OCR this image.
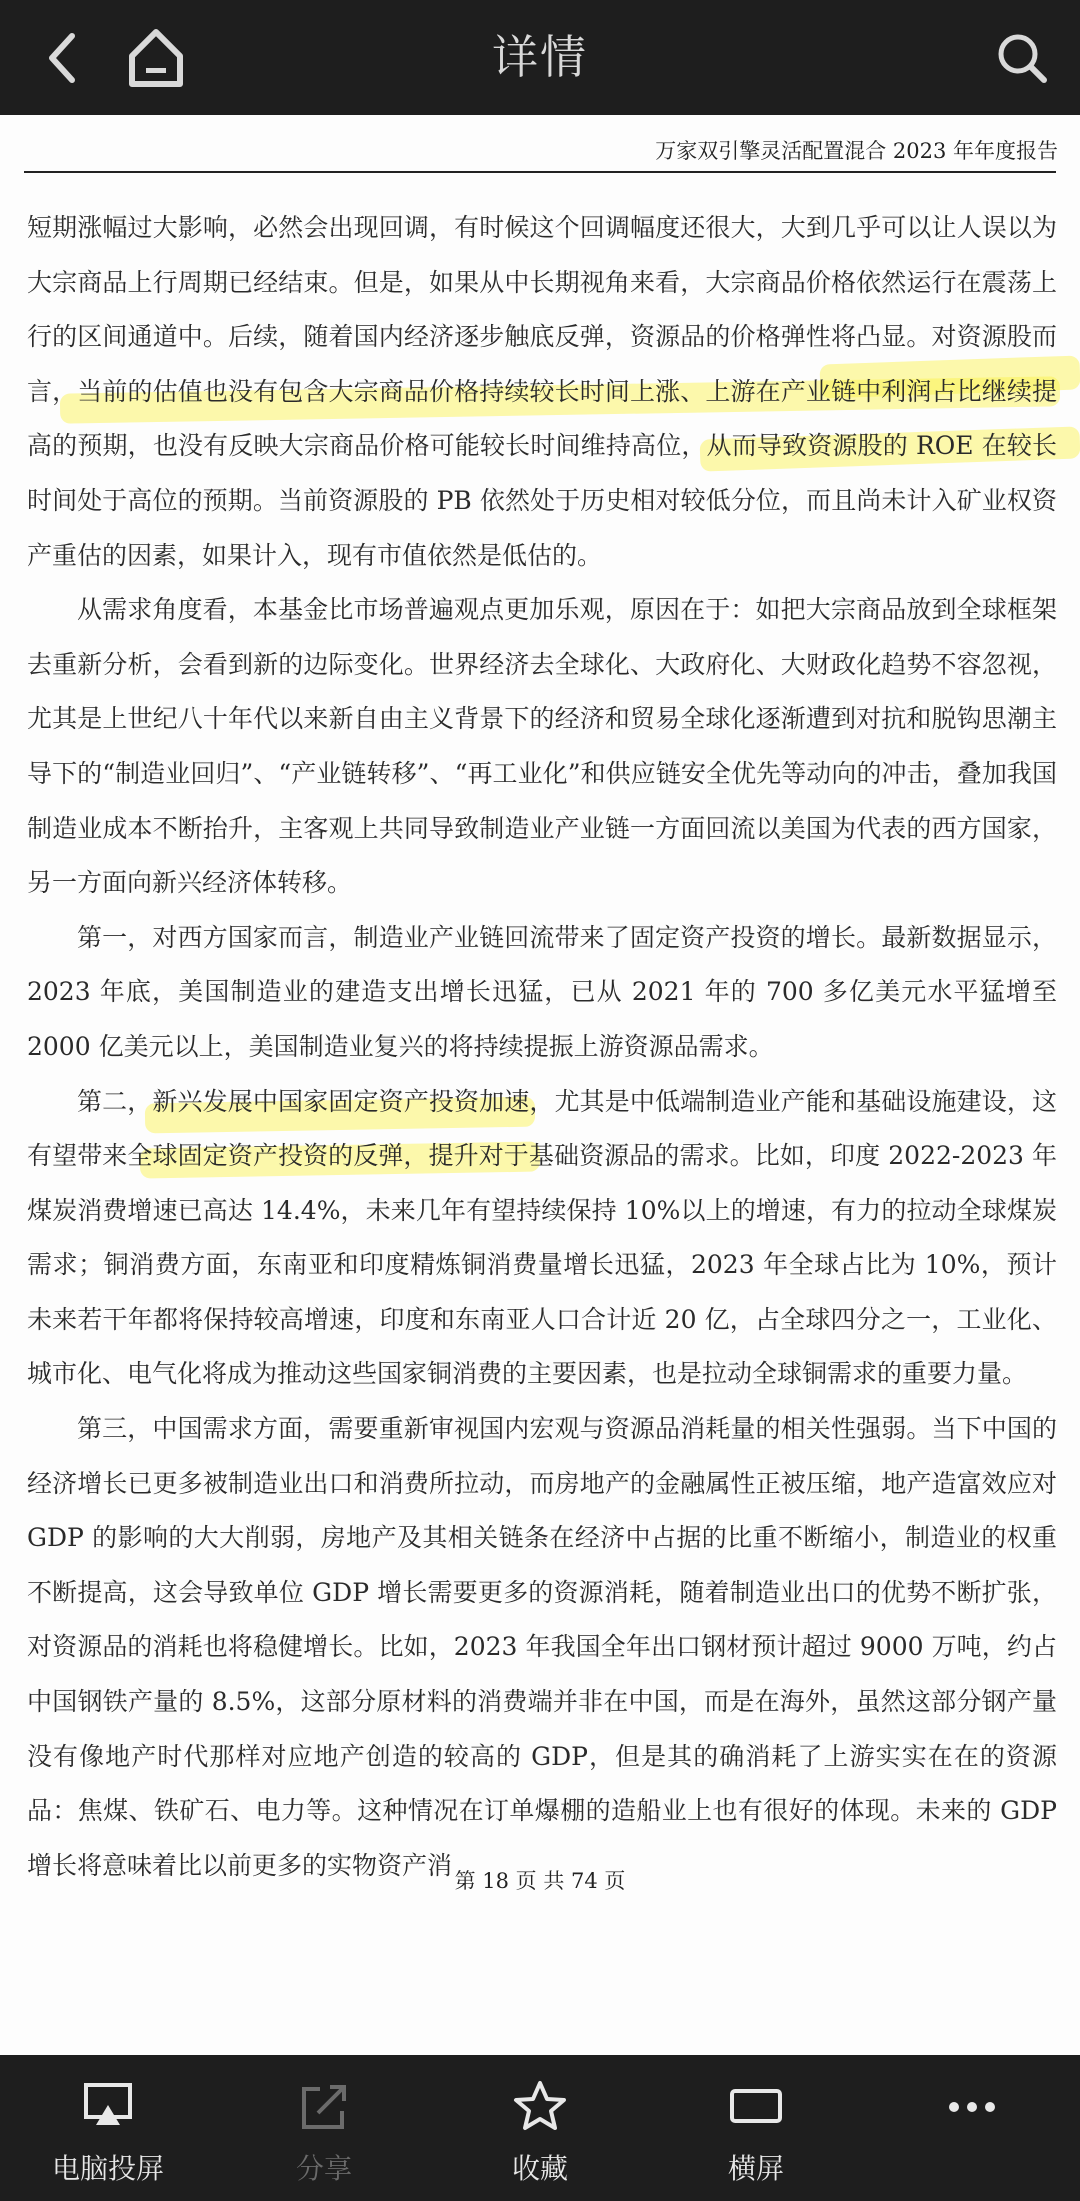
详情
万家双引擎灵活配置混合 2023 年年度报告

短期涨幅过大影响，必然会出现回调，有时候这个回调幅度还很大，大到几乎可以让人误以为大宗商品上行周期已经结束。但是，如果从中长期视角来看，大宗商品价格依然运行在震荡上行的区间通道中。后续，随着国内经济逐步触底反弹，资源品的价格弹性将凸显。对资源股而言，当前的估值也没有包含大宗商品价格持续较长时间上涨、上游在产业链中利润占比继续提高的预期，也没有反映大宗商品价格可能较长时间维持高位，从而导致资源股的 ROE 在较长时间处于高位的预期。当前资源股的 PB 依然处于历史相对较低分位，而且尚未计入矿业权资产重估的因素，如果计入，现有市值依然是低估的。

从需求角度看，本基金比市场普遍观点更加乐观，原因在于：如把大宗商品放到全球框架去重新分析，会看到新的边际变化。世界经济去全球化、大政府化、大财政化趋势不容忽视，尤其是上世纪八十年代以来新自由主义背景下的经济和贸易全球化逐渐遭到对抗和脱钩思潮主导下的“制造业回归”、“产业链转移”、“再工业化”和供应链安全优先等动向的冲击，叠加我国制造业成本不断抬升，主客观上共同导致制造业产业链一方面回流以美国为代表的西方国家，另一方面向新兴经济体转移。

第一，对西方国家而言，制造业产业链回流带来了固定资产投资的增长。最新数据显示，2023 年底，美国制造业的建造支出增长迅猛，已从 2021 年的 700 多亿美元水平猛增至 2000 亿美元以上，美国制造业复兴的将持续提振上游资源品需求。

第二，新兴发展中国家固定资产投资加速，尤其是中低端制造业产能和基础设施建设，这有望带来全球固定资产投资的反弹，提升对于基础资源品的需求。比如，印度 2022-2023 年煤炭消费增速已高达 14.4%，未来几年有望持续保持 10%以上的增速，有力的拉动全球煤炭需求；铜消费方面，东南亚和印度精炼铜消费量增长迅猛，2023 年全球占比为 10%，预计未来若干年都将保持较高增速，印度和东南亚人口合计近 20 亿，占全球四分之一，工业化、城市化、电气化将成为推动这些国家铜消费的主要因素，也是拉动全球铜需求的重要力量。

第三，中国需求方面，需要重新审视国内宏观与资源品消耗量的相关性强弱。当下中国的经济增长已更多被制造业出口和消费所拉动，而房地产的金融属性正被压缩，地产造富效应对 GDP 的影响的大大削弱，房地产及其相关链条在经济中占据的比重不断缩小，制造业的权重不断提高，这会导致单位 GDP 增长需要更多的资源消耗，随着制造业出口的优势不断扩张，对资源品的消耗也将稳健增长。比如，2023 年我国全年出口钢材预计超过 9000 万吨，约占中国钢铁产量的 8.5%，这部分原材料的消费端并非在中国，而是在海外，虽然这部分钢产量没有像地产时代那样对应地产创造的较高的 GDP，但是其的确消耗了上游实实在在的资源品：焦煤、铁矿石、电力等。这种情况在订单爆棚的造船业上也有很好的体现。未来的 GDP 增长将意味着比以前更多的实物资产消

第 18 页 共 74 页
电脑投屏	分享	收藏	横屏
